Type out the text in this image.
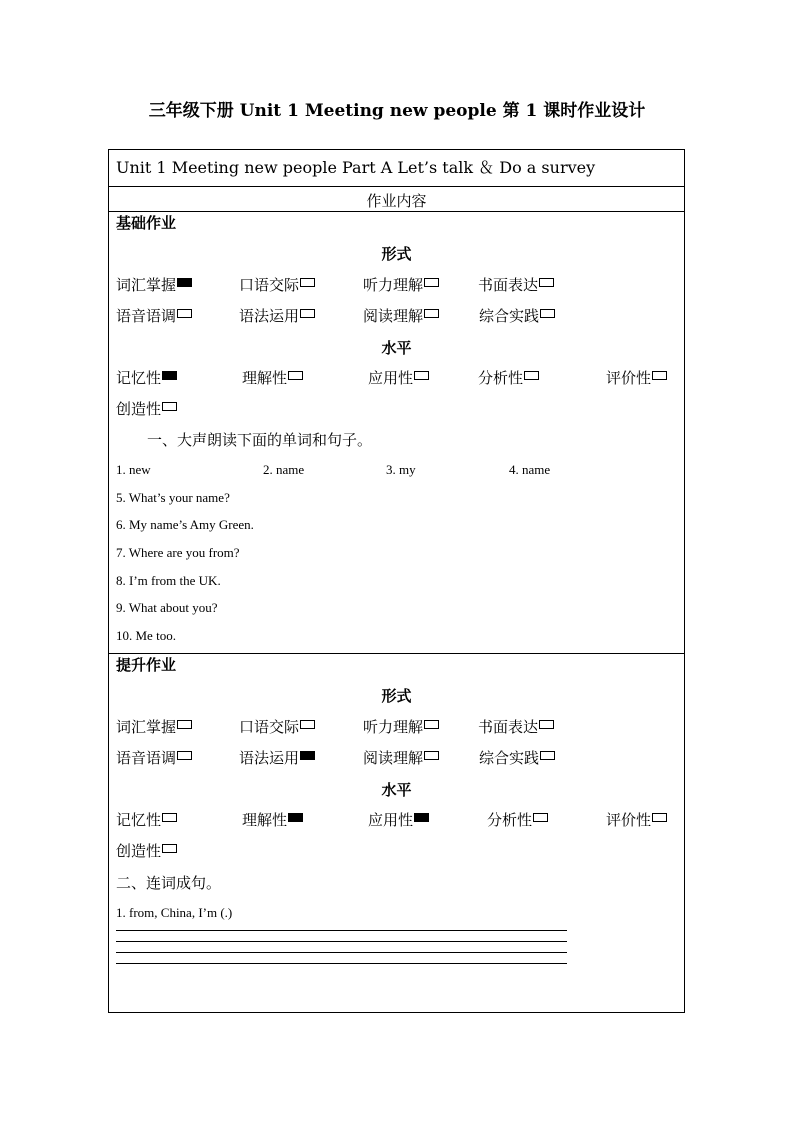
三年级下册 Unit 1 Meeting new people 第 1 课时作业设计
Unit 1 Meeting new people Part A Let’s talk ＆ Do a survey
作业内容
基础作业
形式
词汇掌握	口语交际	听力理解	书面表达
语音语调	语法运用	阅读理解	综合实践
水平
记忆性	理解性	应用性	分析性	评价性
创造性
一、大声朗读下面的单词和句子。
1. new	2. name	3. my	4. name
5. What’s your name?
6. My name’s Amy Green.
7. Where are you from?
8. I’m from the UK.
9. What about you?
10. Me too.
提升作业
形式
词汇掌握	口语交际	听力理解	书面表达
语音语调	语法运用	阅读理解	综合实践
水平
记忆性	理解性	应用性	分析性	评价性
创造性
二、连词成句。
1. from, China, I’m (.)
